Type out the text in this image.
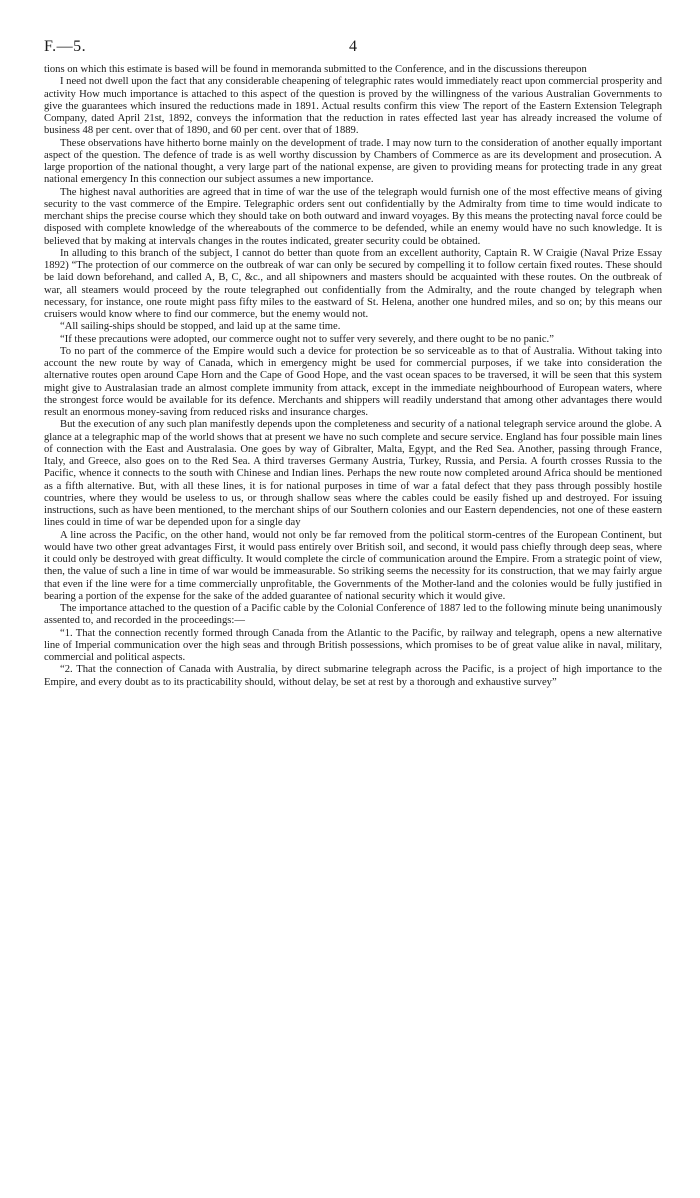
F.—5.	4

tions on which this estimate is based will be found in memoranda submitted to the Conference, and in the discussions thereupon

I need not dwell upon the fact that any considerable cheapening of telegraphic rates would immediately react upon commercial prosperity and activity How much importance is attached to this aspect of the question is proved by the willingness of the various Australian Governments to give the guarantees which insured the reductions made in 1891. Actual results confirm this view The report of the Eastern Extension Telegraph Company, dated April 21st, 1892, conveys the information that the reduction in rates effected last year has already increased the volume of business 48 per cent. over that of 1890, and 60 per cent. over that of 1889.

These observations have hitherto borne mainly on the development of trade. I may now turn to the consideration of another equally important aspect of the question. The defence of trade is as well worthy discussion by Chambers of Commerce as are its development and prosecution. A large proportion of the national thought, a very large part of the national expense, are given to providing means for protecting trade in any great national emergency In this connection our subject assumes a new importance.

The highest naval authorities are agreed that in time of war the use of the telegraph would furnish one of the most effective means of giving security to the vast commerce of the Empire. Telegraphic orders sent out confidentially by the Admiralty from time to time would indicate to merchant ships the precise course which they should take on both outward and inward voyages. By this means the protecting naval force could be disposed with complete knowledge of the whereabouts of the commerce to be defended, while an enemy would have no such knowledge. It is believed that by making at intervals changes in the routes indicated, greater security could be obtained.

In alluding to this branch of the subject, I cannot do better than quote from an excellent authority, Captain R. W Craigie (Naval Prize Essay 1892) “The protection of our commerce on the outbreak of war can only be secured by compelling it to follow certain fixed routes. These should be laid down beforehand, and called A, B, C, &c., and all shipowners and masters should be acquainted with these routes. On the outbreak of war, all steamers would proceed by the route telegraphed out confidentially from the Admiralty, and the route changed by telegraph when necessary, for instance, one route might pass fifty miles to the eastward of St. Helena, another one hundred miles, and so on; by this means our cruisers would know where to find our commerce, but the enemy would not.

“All sailing-ships should be stopped, and laid up at the same time.

“If these precautions were adopted, our commerce ought not to suffer very severely, and there ought to be no panic.”

To no part of the commerce of the Empire would such a device for protection be so serviceable as to that of Australia. Without taking into account the new route by way of Canada, which in emergency might be used for commercial purposes, if we take into consideration the alternative routes open around Cape Horn and the Cape of Good Hope, and the vast ocean spaces to be traversed, it will be seen that this system might give to Australasian trade an almost complete immunity from attack, except in the immediate neighbourhood of European waters, where the strongest force would be available for its defence. Merchants and shippers will readily understand that among other advantages there would result an enormous money-saving from reduced risks and insurance charges.

But the execution of any such plan manifestly depends upon the completeness and security of a national telegraph service around the globe. A glance at a telegraphic map of the world shows that at present we have no such complete and secure service. England has four possible main lines of connection with the East and Australasia. One goes by way of Gibralter, Malta, Egypt, and the Red Sea. Another, passing through France, Italy, and Greece, also goes on to the Red Sea. A third traverses Germany Austria, Turkey, Russia, and Persia. A fourth crosses Russia to the Pacific, whence it connects to the south with Chinese and Indian lines. Perhaps the new route now completed around Africa should be mentioned as a fifth alternative. But, with all these lines, it is for national purposes in time of war a fatal defect that they pass through possibly hostile countries, where they would be useless to us, or through shallow seas where the cables could be easily fished up and destroyed. For issuing instructions, such as have been mentioned, to the merchant ships of our Southern colonies and our Eastern dependencies, not one of these eastern lines could in time of war be depended upon for a single day

A line across the Pacific, on the other hand, would not only be far removed from the political storm-centres of the European Continent, but would have two other great advantages First, it would pass entirely over British soil, and second, it would pass chiefly through deep seas, where it could only be destroyed with great difficulty. It would complete the circle of communication around the Empire. From a strategic point of view, then, the value of such a line in time of war would be immeasurable. So striking seems the necessity for its construction, that we may fairly argue that even if the line were for a time commercially unprofitable, the Governments of the Mother-land and the colonies would be fully justified in bearing a portion of the expense for the sake of the added guarantee of national security which it would give.

The importance attached to the question of a Pacific cable by the Colonial Conference of 1887 led to the following minute being unanimously assented to, and recorded in the proceedings:—

“1. That the connection recently formed through Canada from the Atlantic to the Pacific, by railway and telegraph, opens a new alternative line of Imperial communication over the high seas and through British possessions, which promises to be of great value alike in naval, military, commercial and political aspects.

“2. That the connection of Canada with Australia, by direct submarine telegraph across the Pacific, is a project of high importance to the Empire, and every doubt as to its practicability should, without delay, be set at rest by a thorough and exhaustive survey”
